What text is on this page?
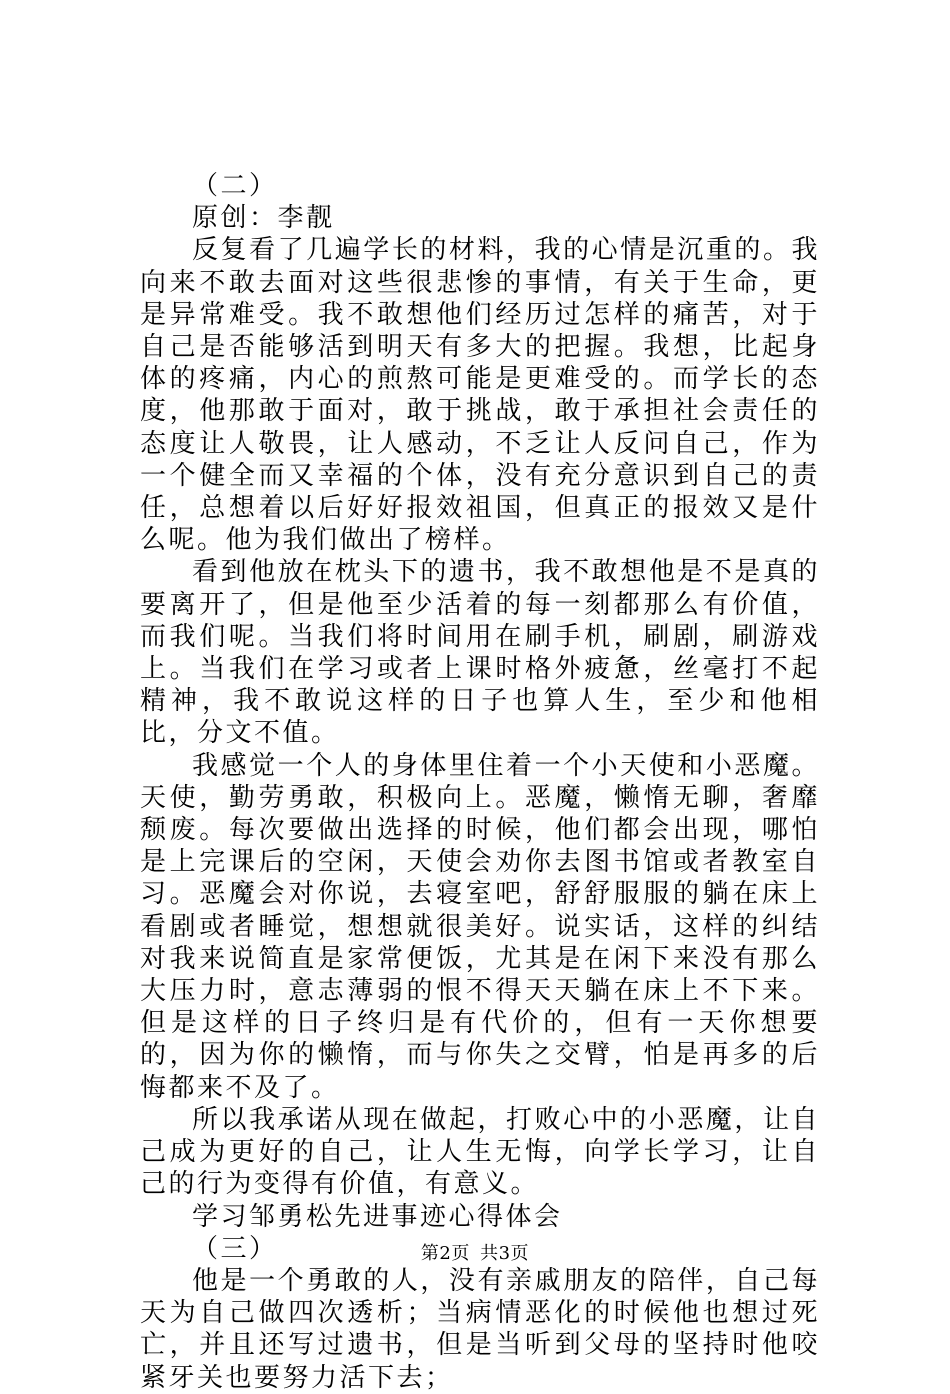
（二）

原创：李靓

反复看了几遍学长的材料，我的心情是沉重的。我向来不敢去面对这些很悲惨的事情，有关于生命，更是异常难受。我不敢想他们经历过怎样的痛苦，对于自己是否能够活到明天有多大的把握。我想，比起身体的疼痛，内心的煎熬可能是更难受的。而学长的态度，他那敢于面对，敢于挑战，敢于承担社会责任的态度让人敬畏，让人感动，不乏让人反问自己，作为一个健全而又幸福的个体，没有充分意识到自己的责任，总想着以后好好报效祖国，但真正的报效又是什么呢。他为我们做出了榜样。

看到他放在枕头下的遗书，我不敢想他是不是真的要离开了，但是他至少活着的每一刻都那么有价值，而我们呢。当我们将时间用在刷手机，刷剧，刷游戏上。当我们在学习或者上课时格外疲惫，丝毫打不起精神，我不敢说这样的日子也算人生，至少和他相比，分文不值。

我感觉一个人的身体里住着一个小天使和小恶魔。天使，勤劳勇敢，积极向上。恶魔，懒惰无聊，奢靡颓废。每次要做出选择的时候，他们都会出现，哪怕是上完课后的空闲，天使会劝你去图书馆或者教室自习。恶魔会对你说，去寝室吧，舒舒服服的躺在床上看剧或者睡觉，想想就很美好。说实话，这样的纠结对我来说简直是家常便饭，尤其是在闲下来没有那么大压力时，意志薄弱的恨不得天天躺在床上不下来。但是这样的日子终归是有代价的，但有一天你想要的，因为你的懒惰，而与你失之交臂，怕是再多的后悔都来不及了。

所以我承诺从现在做起，打败心中的小恶魔，让自己成为更好的自己，让人生无悔，向学长学习，让自己的行为变得有价值，有意义。

学习邹勇松先进事迹心得体会

（三）

他是一个勇敢的人，没有亲戚朋友的陪伴，自己每天为自己做四次透析；当病情恶化的时候他也想过死亡，并且还写过遗书，但是当听到父母的坚持时他咬紧牙关也要努力活下去；

第2页 共3页
